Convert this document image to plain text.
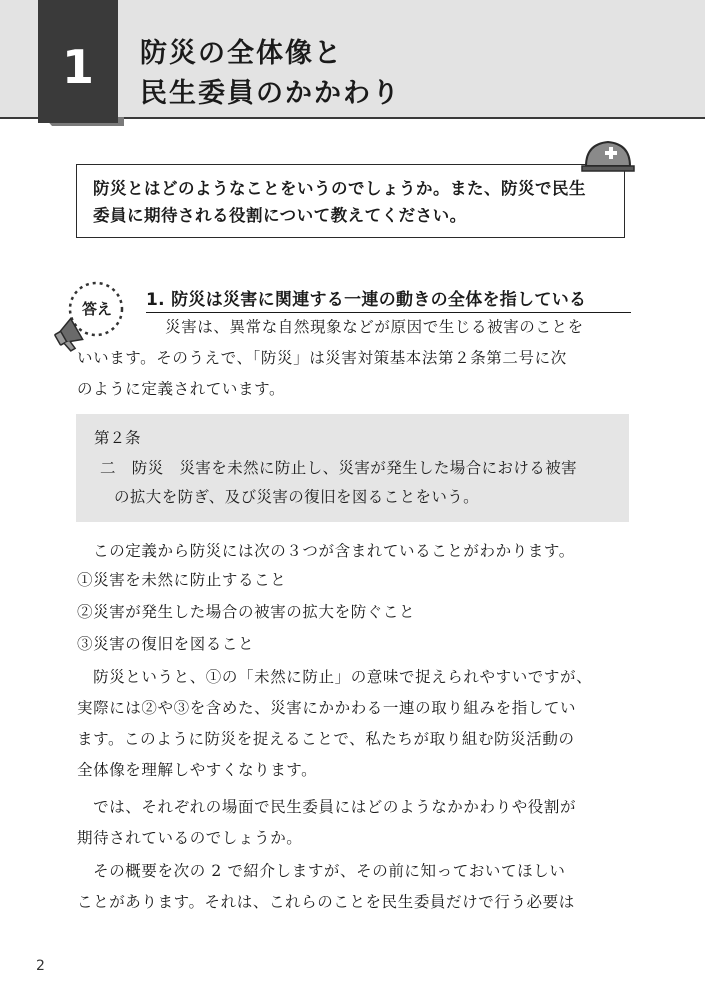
1	防災の全体像と
民生委員のかかわり
防災とはどのようなことをいうのでしょうか。また、防災で民生
委員に期待される役割について教えてください。
答え 1. 防災は災害に関連する一連の動きの全体を指している
　災害は、異常な自然現象などが原因で生じる被害のことを
いいます。そのうえで、「防災」は災害対策基本法第２条第二号に次
のように定義されています。
第２条
二　防災　災害を未然に防止し、災害が発生した場合における被害
の拡大を防ぎ、及び災害の復旧を図ることをいう。
　この定義から防災には次の３つが含まれていることがわかります。
①災害を未然に防止すること
②災害が発生した場合の被害の拡大を防ぐこと
③災害の復旧を図ること
　防災というと、①の「未然に防止」の意味で捉えられやすいですが、
実際には②や③を含めた、災害にかかわる一連の取り組みを指してい
ます。このように防災を捉えることで、私たちが取り組む防災活動の
全体像を理解しやすくなります。
　では、それぞれの場面で民生委員にはどのようなかかわりや役割が
期待されているのでしょうか。
　その概要を次の 2 で紹介しますが、その前に知っておいてほしい
ことがあります。それは、これらのことを民生委員だけで行う必要は
2
